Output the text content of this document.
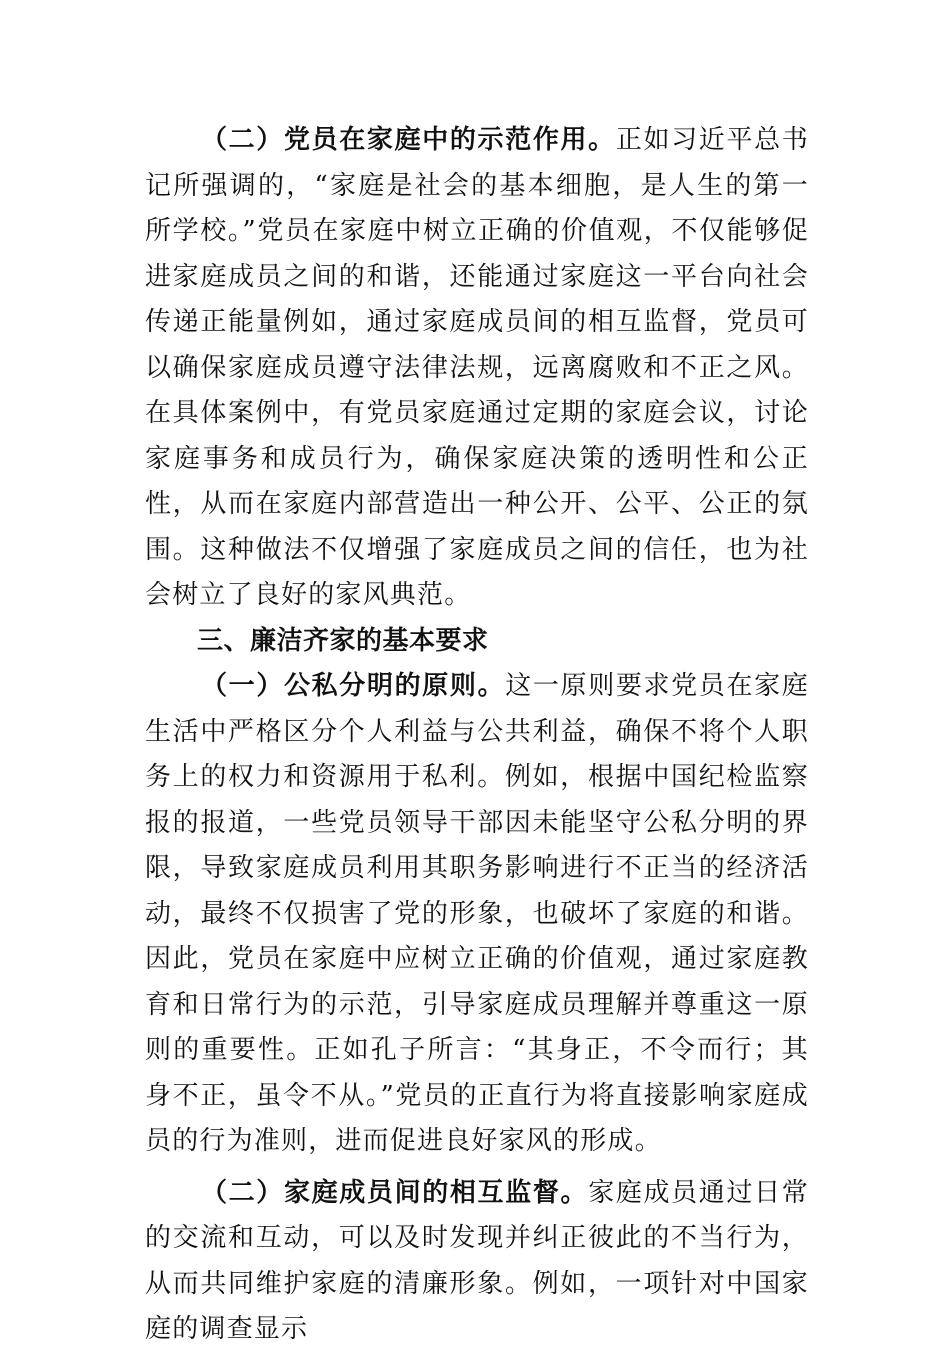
（二）党员在家庭中的示范作用。正如习近平总书记所强调的，“家庭是社会的基本细胞，是人生的第一所学校。”党员在家庭中树立正确的价值观，不仅能够促进家庭成员之间的和谐，还能通过家庭这一平台向社会传递正能量例如，通过家庭成员间的相互监督，党员可以确保家庭成员遵守法律法规，远离腐败和不正之风。在具体案例中，有党员家庭通过定期的家庭会议，讨论家庭事务和成员行为，确保家庭决策的透明性和公正性，从而在家庭内部营造出一种公开、公平、公正的氛围。这种做法不仅增强了家庭成员之间的信任，也为社会树立了良好的家风典范。

三、廉洁齐家的基本要求

（一）公私分明的原则。这一原则要求党员在家庭生活中严格区分个人利益与公共利益，确保不将个人职务上的权力和资源用于私利。例如，根据中国纪检监察报的报道，一些党员领导干部因未能坚守公私分明的界限，导致家庭成员利用其职务影响进行不正当的经济活动，最终不仅损害了党的形象，也破坏了家庭的和谐。因此，党员在家庭中应树立正确的价值观，通过家庭教育和日常行为的示范，引导家庭成员理解并尊重这一原则的重要性。正如孔子所言：“其身正，不令而行；其身不正，虽令不从。”党员的正直行为将直接影响家庭成员的行为准则，进而促进良好家风的形成。

（二）家庭成员间的相互监督。家庭成员通过日常的交流和互动，可以及时发现并纠正彼此的不当行为，从而共同维护家庭的清廉形象。例如，一项针对中国家庭的调查显示
